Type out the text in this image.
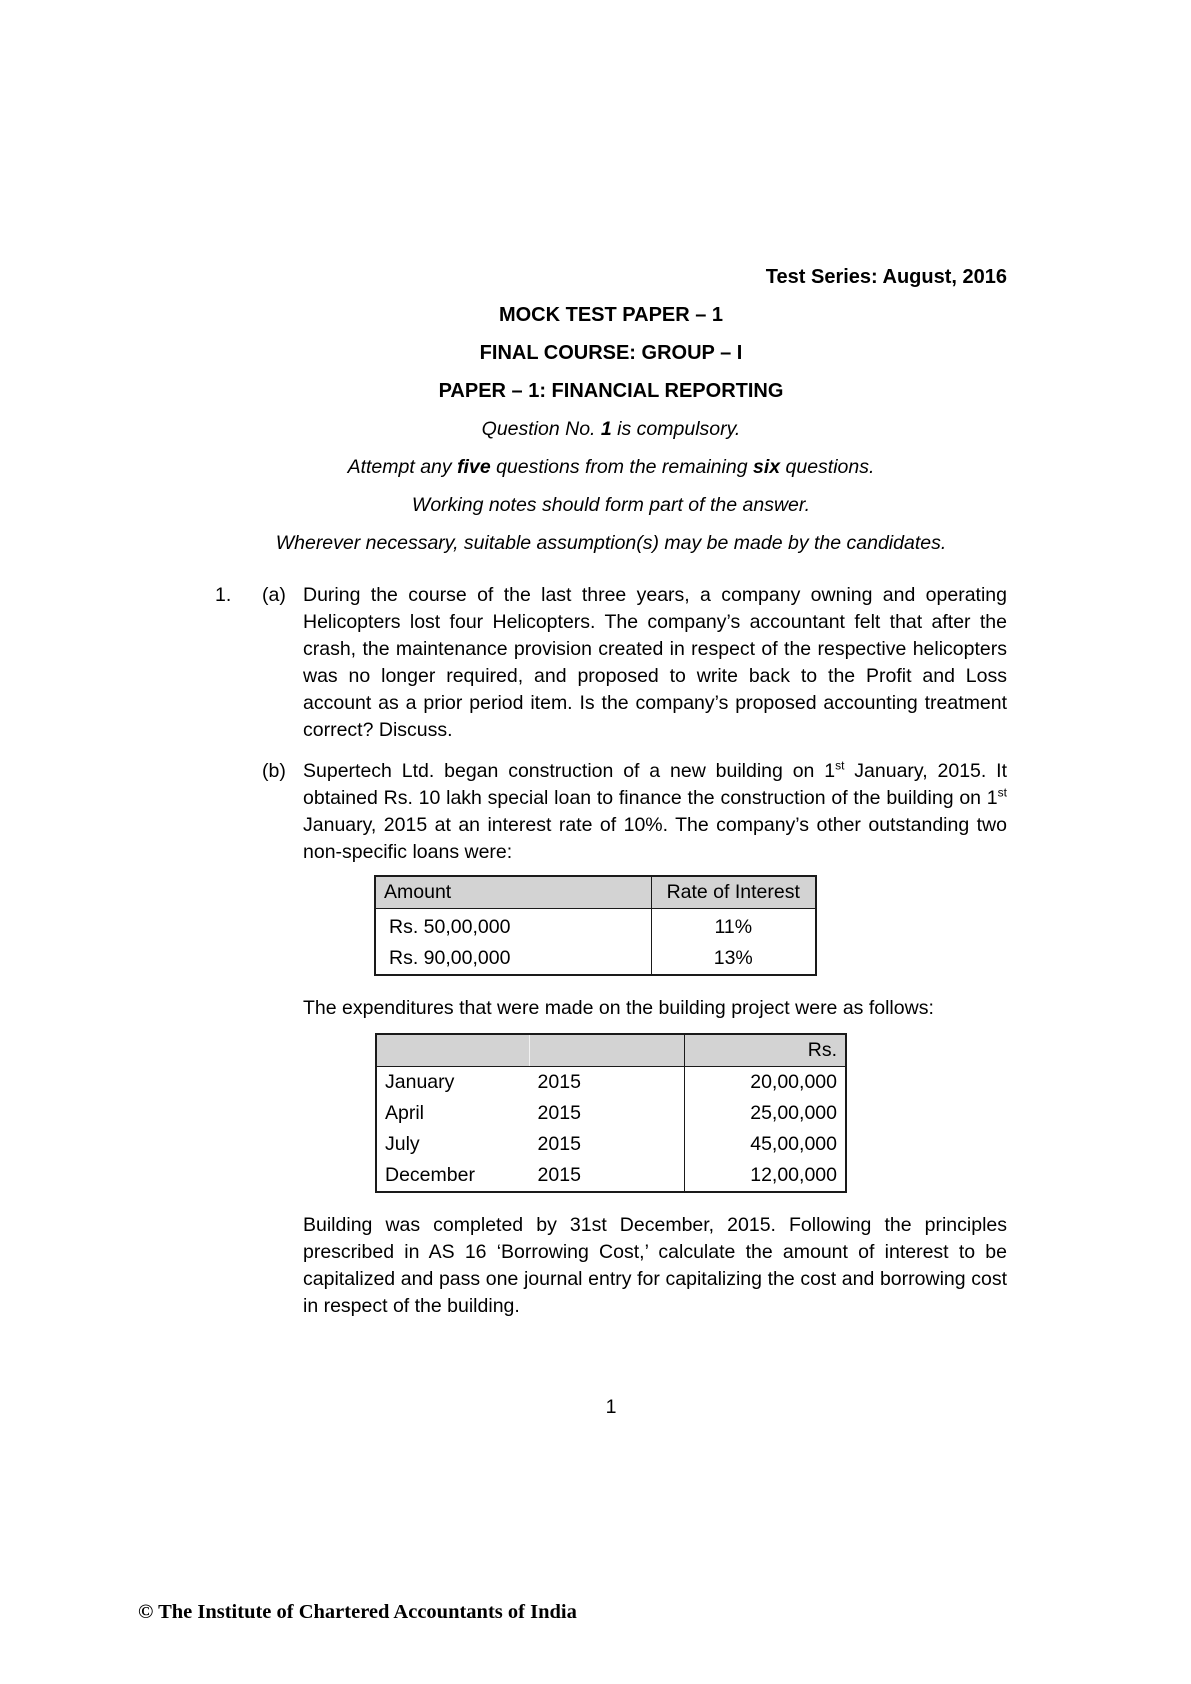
Test Series: August, 2016
MOCK TEST PAPER – 1
FINAL COURSE: GROUP – I
PAPER – 1: FINANCIAL REPORTING
Question No. 1 is compulsory.
Attempt any five questions from the remaining six questions.
Working notes should form part of the answer.
Wherever necessary, suitable assumption(s) may be made by the candidates.
1.	(a) During the course of the last three years, a company owning and operating Helicopters lost four Helicopters. The company’s accountant felt that after the crash, the maintenance provision created in respect of the respective helicopters was no longer required, and proposed to write back to the Profit and Loss account as a prior period item. Is the company’s proposed accounting treatment correct? Discuss.
(b) Supertech Ltd. began construction of a new building on 1st January, 2015. It obtained Rs. 10 lakh special loan to finance the construction of the building on 1st January, 2015 at an interest rate of 10%. The company’s other outstanding two non-specific loans were:

Amount	Rate of Interest
Rs. 50,00,000	11%
Rs. 90,00,000	13%

The expenditures that were made on the building project were as follows:

		Rs.
January	2015	20,00,000
April	2015	25,00,000
July	2015	45,00,000
December	2015	12,00,000

Building was completed by 31st December, 2015. Following the principles prescribed in AS 16 ‘Borrowing Cost,’ calculate the amount of interest to be capitalized and pass one journal entry for capitalizing the cost and borrowing cost in respect of the building.

1
© The Institute of Chartered Accountants of India
